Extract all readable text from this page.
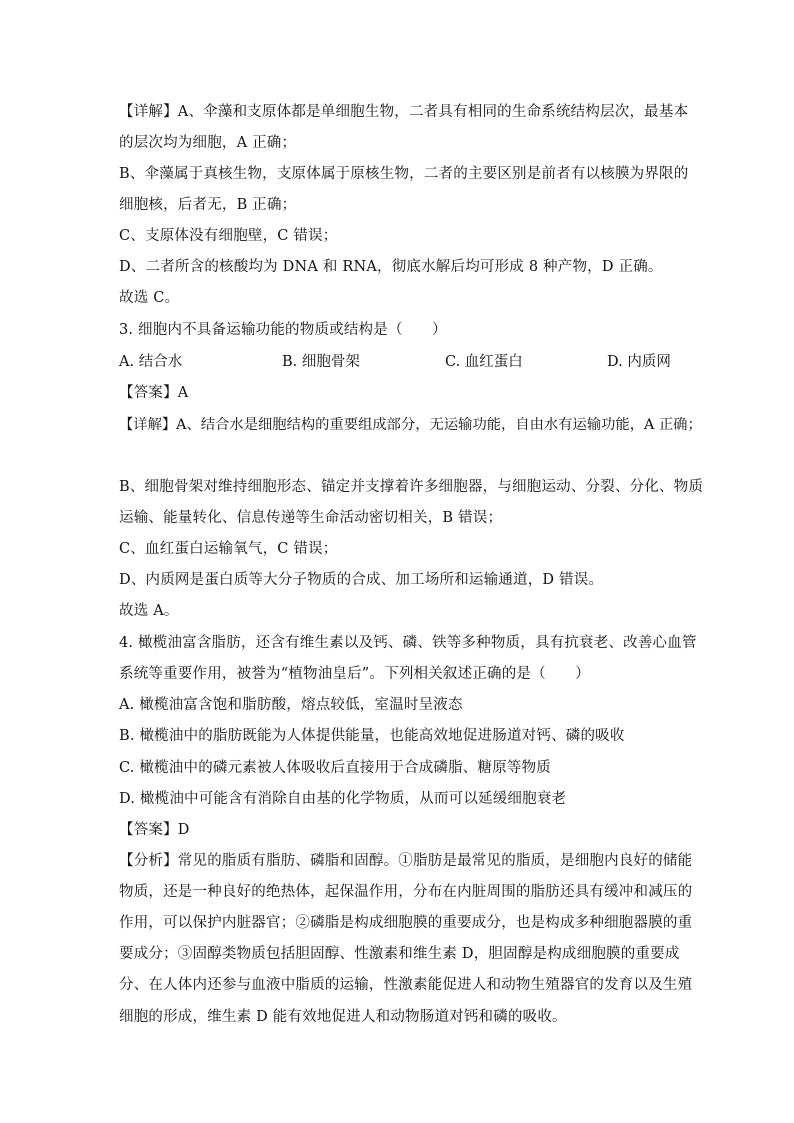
【详解】A、伞藻和支原体都是单细胞生物，二者具有相同的生命系统结构层次，最基本
的层次均为细胞，A 正确；
B、伞藻属于真核生物，支原体属于原核生物，二者的主要区别是前者有以核膜为界限的
细胞核，后者无，B 正确；
C、支原体没有细胞壁，C 错误；
D、二者所含的核酸均为 DNA 和 RNA，彻底水解后均可形成 8 种产物，D 正确。
故选 C。
3. 细胞内不具备运输功能的物质或结构是（　　）
A. 结合水	B. 细胞骨架	C. 血红蛋白	D. 内质网
【答案】A
【详解】A、结合水是细胞结构的重要组成部分，无运输功能，自由水有运输功能，A 正确；
B、细胞骨架对维持细胞形态、锚定并支撑着许多细胞器，与细胞运动、分裂、分化、物质
运输、能量转化、信息传递等生命活动密切相关，B 错误；
C、血红蛋白运输氧气，C 错误；
D、内质网是蛋白质等大分子物质的合成、加工场所和运输通道，D 错误。
故选 A。
4. 橄榄油富含脂肪，还含有维生素以及钙、磷、铁等多种物质，具有抗衰老、改善心血管
系统等重要作用，被誉为“植物油皇后”。下列相关叙述正确的是（　　）
A. 橄榄油富含饱和脂肪酸，熔点较低，室温时呈液态
B. 橄榄油中的脂肪既能为人体提供能量，也能高效地促进肠道对钙、磷的吸收
C. 橄榄油中的磷元素被人体吸收后直接用于合成磷脂、糖原等物质
D. 橄榄油中可能含有消除自由基的化学物质，从而可以延缓细胞衰老
【答案】D
【分析】常见的脂质有脂肪、磷脂和固醇。①脂肪是最常见的脂质，是细胞内良好的储能
物质，还是一种良好的绝热体，起保温作用，分布在内脏周围的脂肪还具有缓冲和减压的
作用，可以保护内脏器官；②磷脂是构成细胞膜的重要成分，也是构成多种细胞器膜的重
要成分；③固醇类物质包括胆固醇、性激素和维生素 D，胆固醇是构成细胞膜的重要成
分、在人体内还参与血液中脂质的运输，性激素能促进人和动物生殖器官的发育以及生殖
细胞的形成，维生素 D 能有效地促进人和动物肠道对钙和磷的吸收。
